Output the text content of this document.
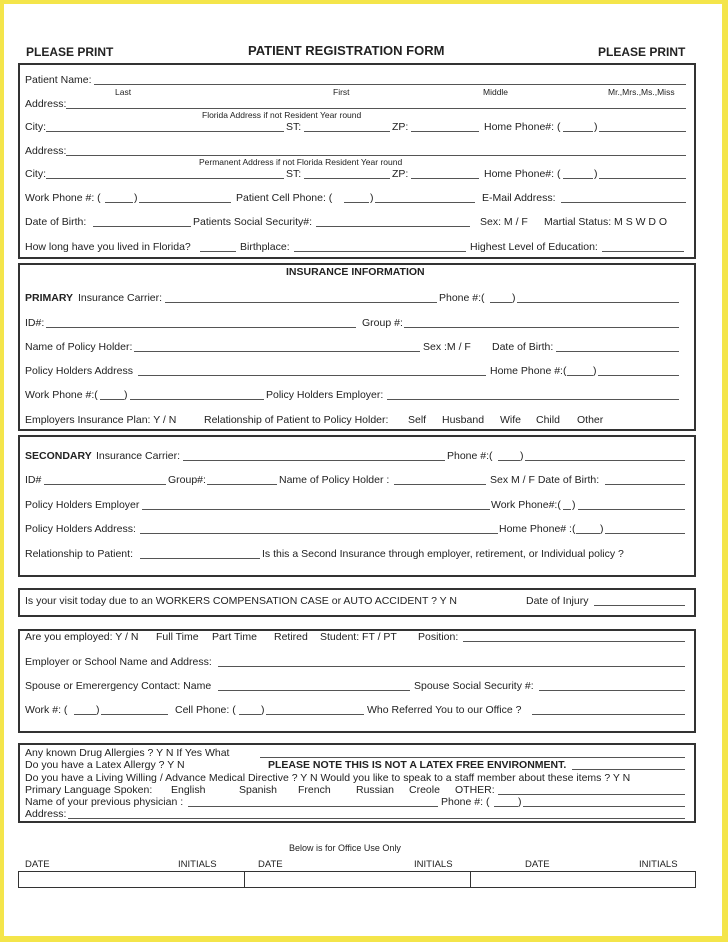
PLEASE PRINT	PATIENT REGISTRATION FORM	PLEASE PRINT
Patient Name:
Last	First	Middle	Mr.,Mrs.,Ms.,Miss
Address:
Florida Address if not Resident Year round
City:	ST:	ZP:	Home Phone#: (	)
Address:
Permanent Address if not Florida Resident Year round
City:	ST:	ZP:	Home Phone#: (	)
Work Phone #: (	)	Patient Cell Phone: (	)	E-Mail Address:
Date of Birth:	Patients Social Security#:	Sex: M / F Martial Status: M S W D O
How long have you lived in Florida?	Birthplace:	Highest Level of Education:
INSURANCE INFORMATION
PRIMARY Insurance Carrier:	Phone #:(	)
ID#:	Group #:
Name of Policy Holder:	Sex :M / F Date of Birth:
Policy Holders Address	Home Phone #:(	)
Work Phone #:( )	Policy Holders Employer:
Employers Insurance Plan: Y / N	Relationship of Patient to Policy Holder: Self Husband Wife Child Other
SECONDARY Insurance Carrier:	Phone #:(	)
ID#	Group#:	Name of Policy Holder :	Sex M / F Date of Birth:
Policy Holders Employer	Work Phone#:( )
Policy Holders Address:	Home Phone# :( )
Relationship to Patient:	Is this a Second Insurance through employer, retirement, or Individual policy ?
Is your visit today due to an WORKERS COMPENSATION CASE or AUTO ACCIDENT ? Y N	Date of Injury
Are you employed: Y / N Full Time Part Time Retired Student: FT / PT Position:
Employer or School Name and Address:
Spouse or Emerergency Contact: Name	Spouse Social Security #:
Work #: (	)	Cell Phone: ( )	Who Referred You to our Office ?
Any known Drug Allergies ? Y N If Yes What
Do you have a Latex Allergy ? Y N	PLEASE NOTE THIS IS NOT A LATEX FREE ENVIRONMENT.
Do you have a Living Willing / Advance Medical Directive ? Y N Would you like to speak to a staff member about these items ? Y N
Primary Language Spoken: English	Spanish French Russian Creole OTHER:
Name of your previous physician :	Phone #: (	)
Address:
Below is for Office Use Only
DATE	INITIALS	DATE	INITIALS	DATE	INITIALS
